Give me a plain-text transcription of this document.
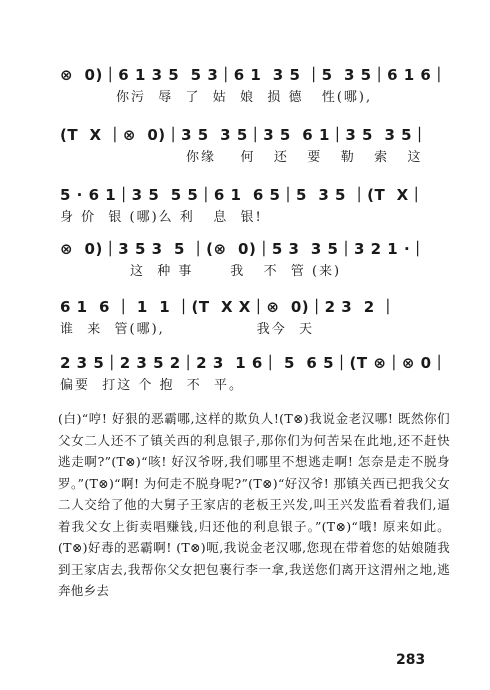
⊗  0)｜6 1 3 5  5 3｜6 1  3 5 ｜5  3 5｜6 1 6｜
你污  辱  了  姑  娘  损 德   性(哪),
(T  X ｜⊗  0)｜3 5  3 5｜3 5  6 1｜3 5  3 5｜
你缘    何   还   要   勒   索   这
5 · 6 1｜3 5  5 5｜6 1  6 5｜5  3 5 ｜(T  X｜
身 价  银 (哪)么 利   息  银!
⊗  0)｜3 5 3  5 ｜(⊗  0)｜5 3  3 5｜3 2 1 ·｜
这  种 事      我   不  管 (来)
6 1  6 ｜ 1  1 ｜(T  X X｜⊗  0)｜2 3  2 ｜
谁  来  管(哪),               我今  天
2 3 5｜2 3 5 2｜2 3  1 6｜ 5  6 5｜(T ⊗｜⊗ 0｜
偏要  打这 个 抱  不  平。

(白)“哼! 好狠的恶霸哪,这样的欺负人!(T⊗)我说金老汉哪! 既然你们父女二人还不了镇关西的利息银子,那你们为何苦呆在此地,还不赶快逃走啊?”(T⊗)“咳! 好汉爷呀,我们哪里不想逃走啊! 怎奈是走不脱身罗。”(T⊗)“啊! 为何走不脱身呢?”(T⊗)“好汉爷! 那镇关西已把我父女二人交给了他的大舅子王家店的老板王兴发,叫王兴发监看着我们,逼着我父女上街卖唱赚钱,归还他的利息银子。”(T⊗)“哦! 原来如此。(T⊗)好毒的恶霸啊! (T⊗)呃,我说金老汉哪,您现在带着您的姑娘随我到王家店去,我帮你父女把包裹行李一拿,我送您们离开这渭州之地,逃奔他乡去

283
